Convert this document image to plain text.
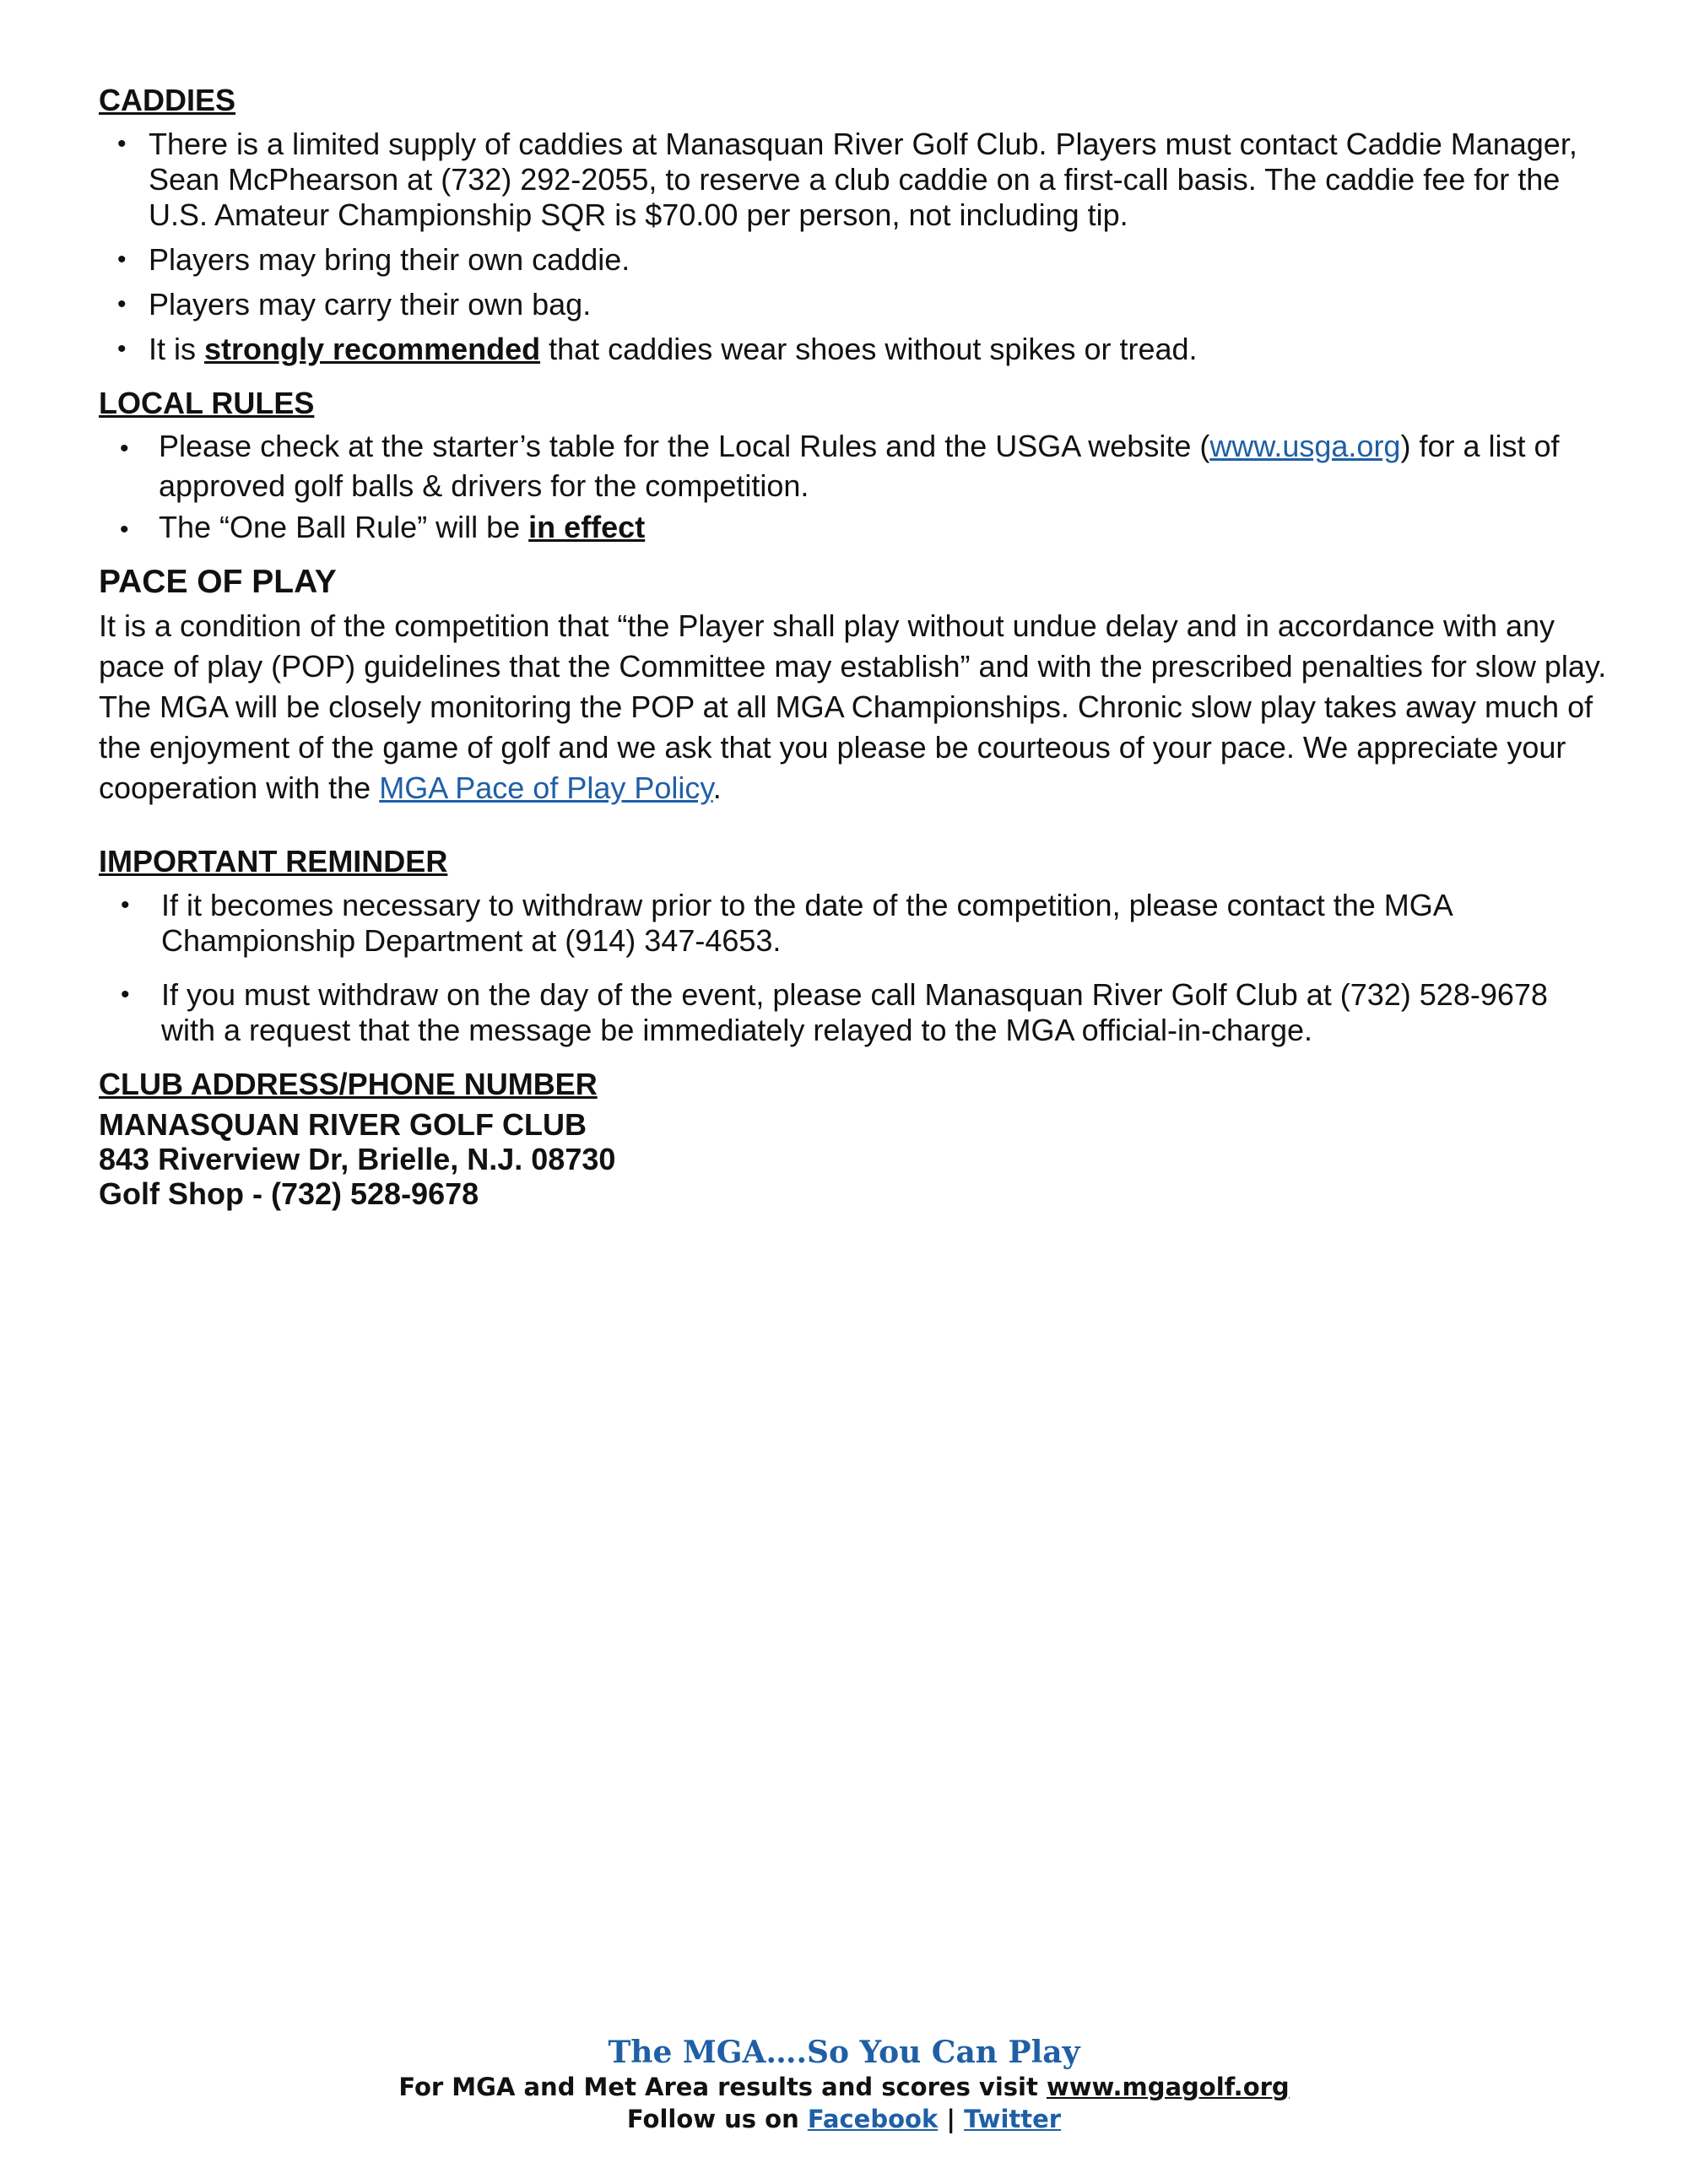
CADDIES
• There is a limited supply of caddies at Manasquan River Golf Club. Players must contact Caddie Manager, Sean McPhearson at (732) 292-2055, to reserve a club caddie on a first-call basis. The caddie fee for the U.S. Amateur Championship SQR is $70.00 per person, not including tip.
• Players may bring their own caddie.
• Players may carry their own bag.
• It is strongly recommended that caddies wear shoes without spikes or tread.
LOCAL RULES
• Please check at the starter’s table for the Local Rules and the USGA website (www.usga.org) for a list of approved golf balls & drivers for the competition.
• The “One Ball Rule” will be in effect
PACE OF PLAY

It is a condition of the competition that “the Player shall play without undue delay and in accordance with any pace of play (POP) guidelines that the Committee may establish” and with the prescribed penalties for slow play. The MGA will be closely monitoring the POP at all MGA Championships. Chronic slow play takes away much of the enjoyment of the game of golf and we ask that you please be courteous of your pace. We appreciate your cooperation with the MGA Pace of Play Policy.

IMPORTANT REMINDER
• If it becomes necessary to withdraw prior to the date of the competition, please contact the MGA Championship Department at (914) 347-4653.
• If you must withdraw on the day of the event, please call Manasquan River Golf Club at (732) 528-9678 with a request that the message be immediately relayed to the MGA official-in-charge.
CLUB ADDRESS/PHONE NUMBER
MANASQUAN RIVER GOLF CLUB
843 Riverview Dr, Brielle, N.J. 08730
Golf Shop - (732) 528-9678
The MGA….So You Can Play
For MGA and Met Area results and scores visit www.mgagolf.org
Follow us on Facebook | Twitter
